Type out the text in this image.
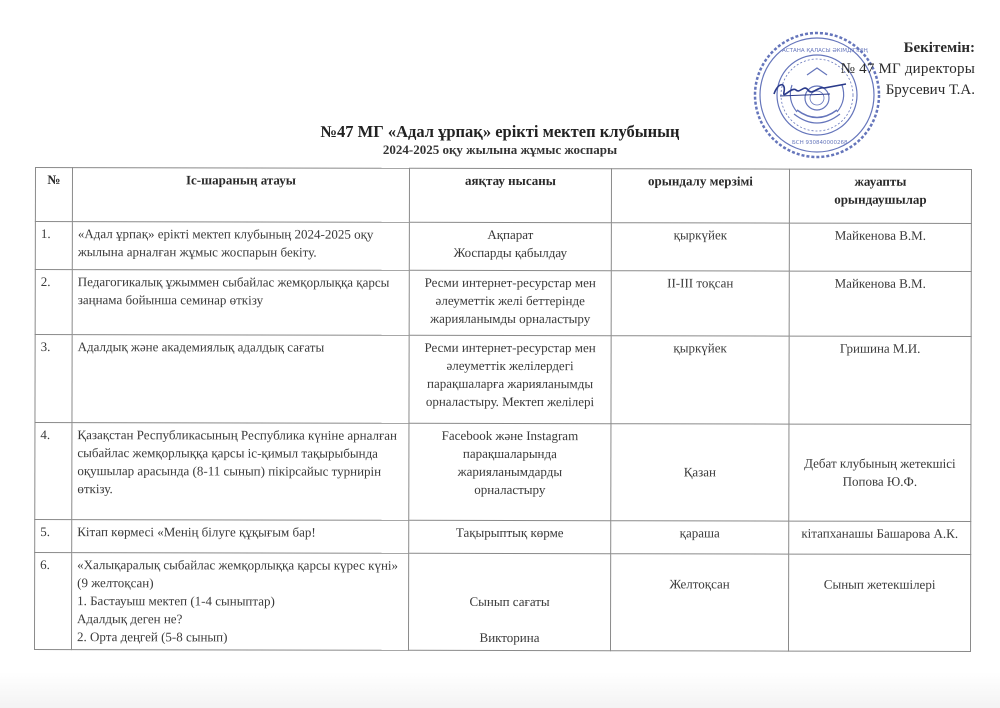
АСТАНА ҚАЛАСЫ ӘКІМДІГІНІҢ
БСН 930840000268
Бекітемін:
№ 47 МГ директоры
Брусевич Т.А.
№47 МГ «Адал ұрпақ» ерікті мектеп клубының
2024-2025 оқу жылына жұмыс жоспары
№	Іс-шараның атауы	аяқтау нысаны	орындалу мерзімі	жауапты
орындаушылар

1.	«Адал ұрпақ» ерікті мектеп клубының 2024-2025 оқу жылына арналған жұмыс жоспарын бекіту.	Ақпарат
Жоспарды қабылдау	қыркүйек	Майкенова В.М.
2.	Педагогикалық ұжыммен сыбайлас жемқорлыққа қарсы заңнама бойынша семинар өткізу	Ресми интернет-ресурстар мен
әлеуметтік желі беттерінде
жарияланымды орналастыру	II-III тоқсан	Майкенова В.М.
3.	Адалдық және академиялық адалдық сағаты	Ресми интернет-ресурстар мен
әлеуметтік желілердегі
парақшаларға жарияланымды
орналастыру. Мектеп желілері	қыркүйек	Гришина М.И.
4.	Қазақстан Республикасының Республика күніне арналған сыбайлас жемқорлыққа қарсы іс-қимыл тақырыбында оқушылар арасында (8-11 сынып) пікірсайыс турнирін өткізу.	Facebook және Instagram
парақшаларында
жарияланымдарды
орналастыру	Қазан	Дебат клубының жетекшісі Попова Ю.Ф.
5.	Кітап көрмесі «Менің білуге құқығым бар!	Тақырыптық көрме	қараша	кітапханашы Башарова А.К.
6.	«Халықаралық сыбайлас жемқорлыққа қарсы күрес күні» (9 желтоқсан)
1. Бастауыш мектеп (1-4 сыныптар)
Адалдық деген не?
2. Орта деңгей (5-8 сынып)	Сынып сағаты
Викторина	Желтоқсан	Сынып жетекшілері
